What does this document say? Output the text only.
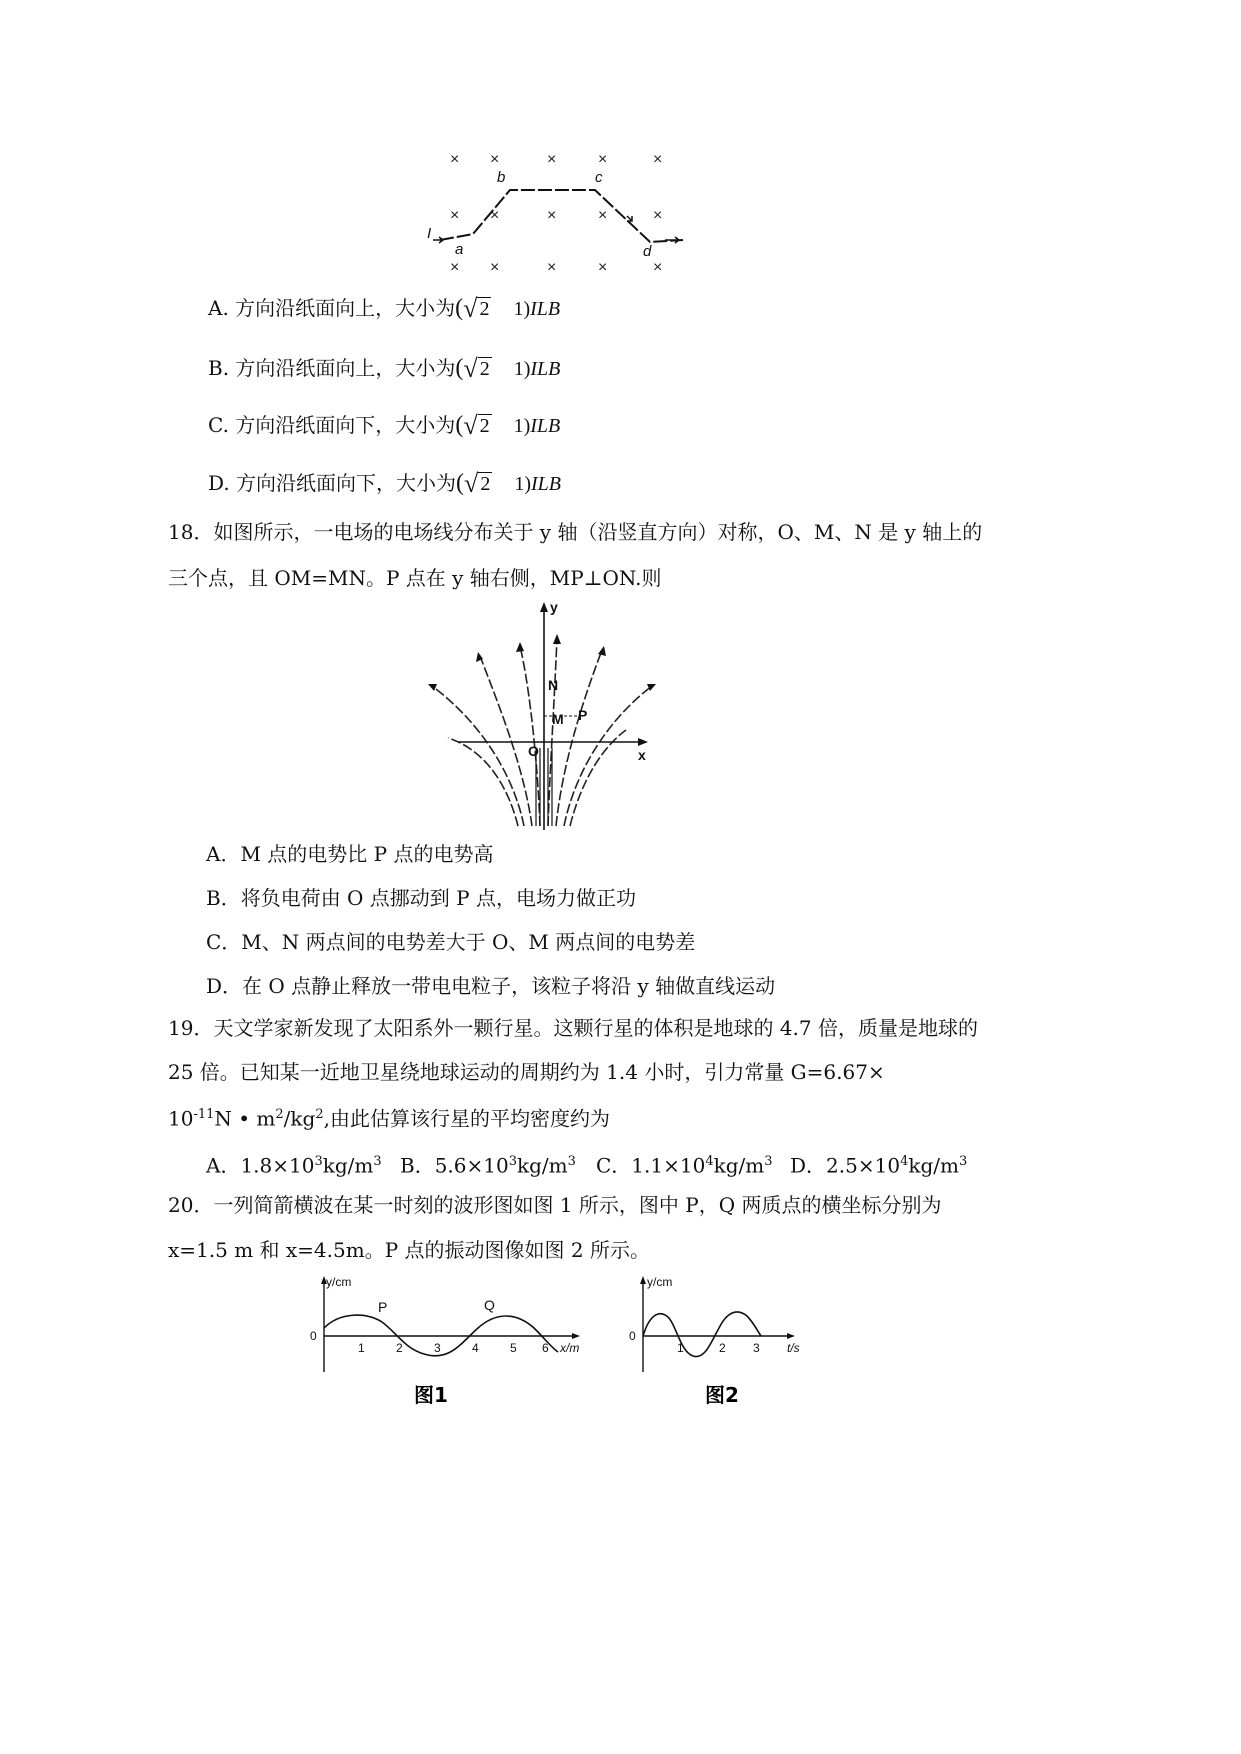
× ×	×	×	×
× ×	×	×	×
× ×	×	×	×
I
a
b	c
d
A. 方向沿纸面向上，大小为(√ 2 1)ILB
B. 方向沿纸面向上，大小为(√ 2 1)ILB
C. 方向沿纸面向下，大小为(√ 2 1)ILB
D. 方向沿纸面向下，大小为(√ 2 1)ILB
18．如图所示，一电场的电场线分布关于 y 轴（沿竖直方向）对称，O、M、N 是 y 轴上的
三个点，且 OM=MN。P 点在 y 轴右侧，MP⊥ON.则
y
x
N
M P
O
A．M 点的电势比 P 点的电势高
B．将负电荷由 O 点挪动到 P 点，电场力做正功
C．M、N 两点间的电势差大于 O、M 两点间的电势差
D．在 O 点静止释放一带电电粒子，该粒子将沿 y 轴做直线运动
19．天文学家新发现了太阳系外一颗行星。这颗行星的体积是地球的 4.7 倍，质量是地球的
25 倍。已知某一近地卫星绕地球运动的周期约为 1.4 小时，引力常量 G=6.67×
$10^{-11}N$ • $m^2/kg^2$,由此估算该行星的平均密度约为
A．$1.8\times 10^3kg/m^3$ B．$5.6\times 10^3kg/m^3$ C．$1.1\times 10^4kg/m^3$ D．$2.5\times 10^4kg/m^3$
20．一列简箭横波在某一时刻的波形图如图 1 所示，图中 P，Q 两质点的横坐标分别为
x=1.5 m 和 x=4.5m。P 点的振动图像如图 2 所示。
y/cm
0
1	2	3	4	5 6 x/m
P	Q
图1
y/cm
0
1	2 3 t/s
图2
